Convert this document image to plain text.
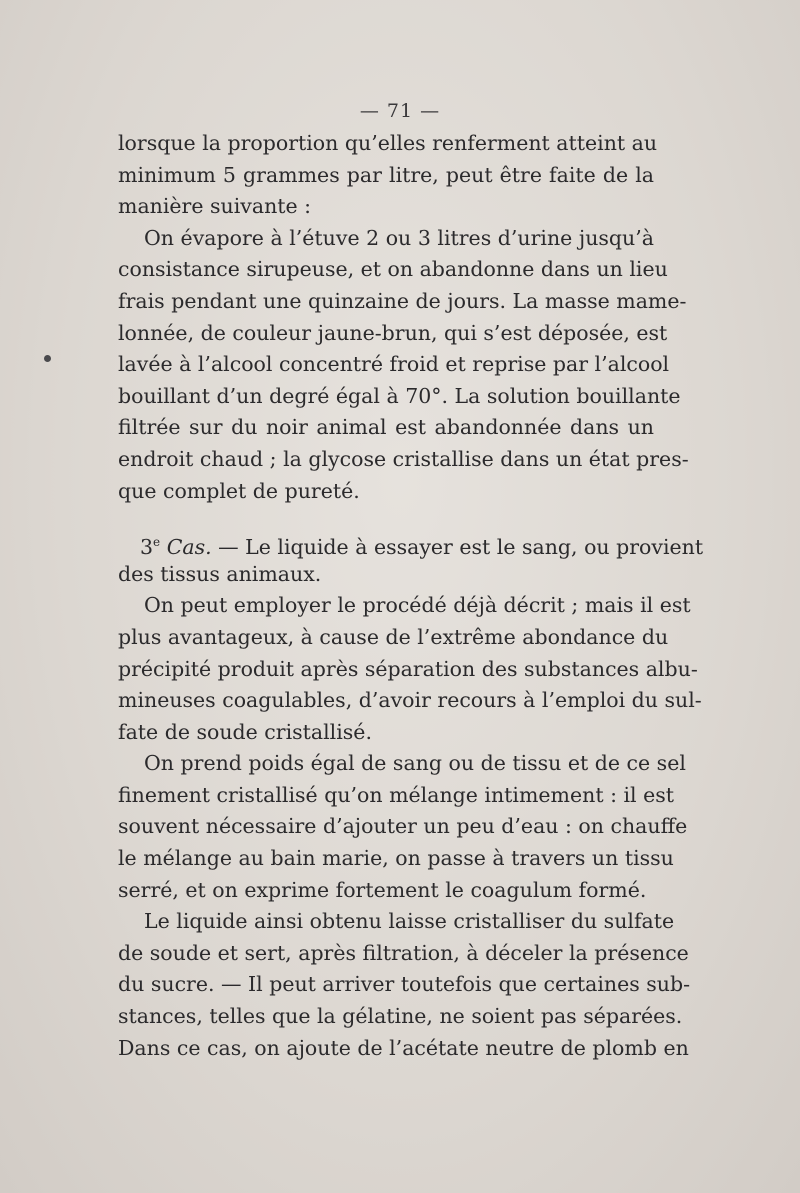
— 71 —
lorsque la proportion qu’elles renferment atteint au
minimum 5 grammes par litre, peut être faite de la
manière suivante :
On évapore à l’étuve 2 ou 3 litres d’urine jusqu’à
consistance sirupeuse, et on abandonne dans un lieu
frais pendant une quinzaine de jours. La masse mame-
lonnée, de couleur jaune-brun, qui s’est déposée, est
lavée à l’alcool concentré froid et reprise par l’alcool
bouillant d’un degré égal à 70°. La solution bouillante
filtrée sur du noir animal est abandonnée dans un
endroit chaud ; la glycose cristallise dans un état pres-
que complet de pureté.
3e Cas. — Le liquide à essayer est le sang, ou provient
des tissus animaux.
On peut employer le procédé déjà décrit ; mais il est
plus avantageux, à cause de l’extrême abondance du
précipité produit après séparation des substances albu-
mineuses coagulables, d’avoir recours à l’emploi du sul-
fate de soude cristallisé.
On prend poids égal de sang ou de tissu et de ce sel
finement cristallisé qu’on mélange intimement : il est
souvent nécessaire d’ajouter un peu d’eau : on chauffe
le mélange au bain marie, on passe à travers un tissu
serré, et on exprime fortement le coagulum formé.
Le liquide ainsi obtenu laisse cristalliser du sulfate
de soude et sert, après filtration, à déceler la présence
du sucre. — Il peut arriver toutefois que certaines sub-
stances, telles que la gélatine, ne soient pas séparées.
Dans ce cas, on ajoute de l’acétate neutre de plomb en
